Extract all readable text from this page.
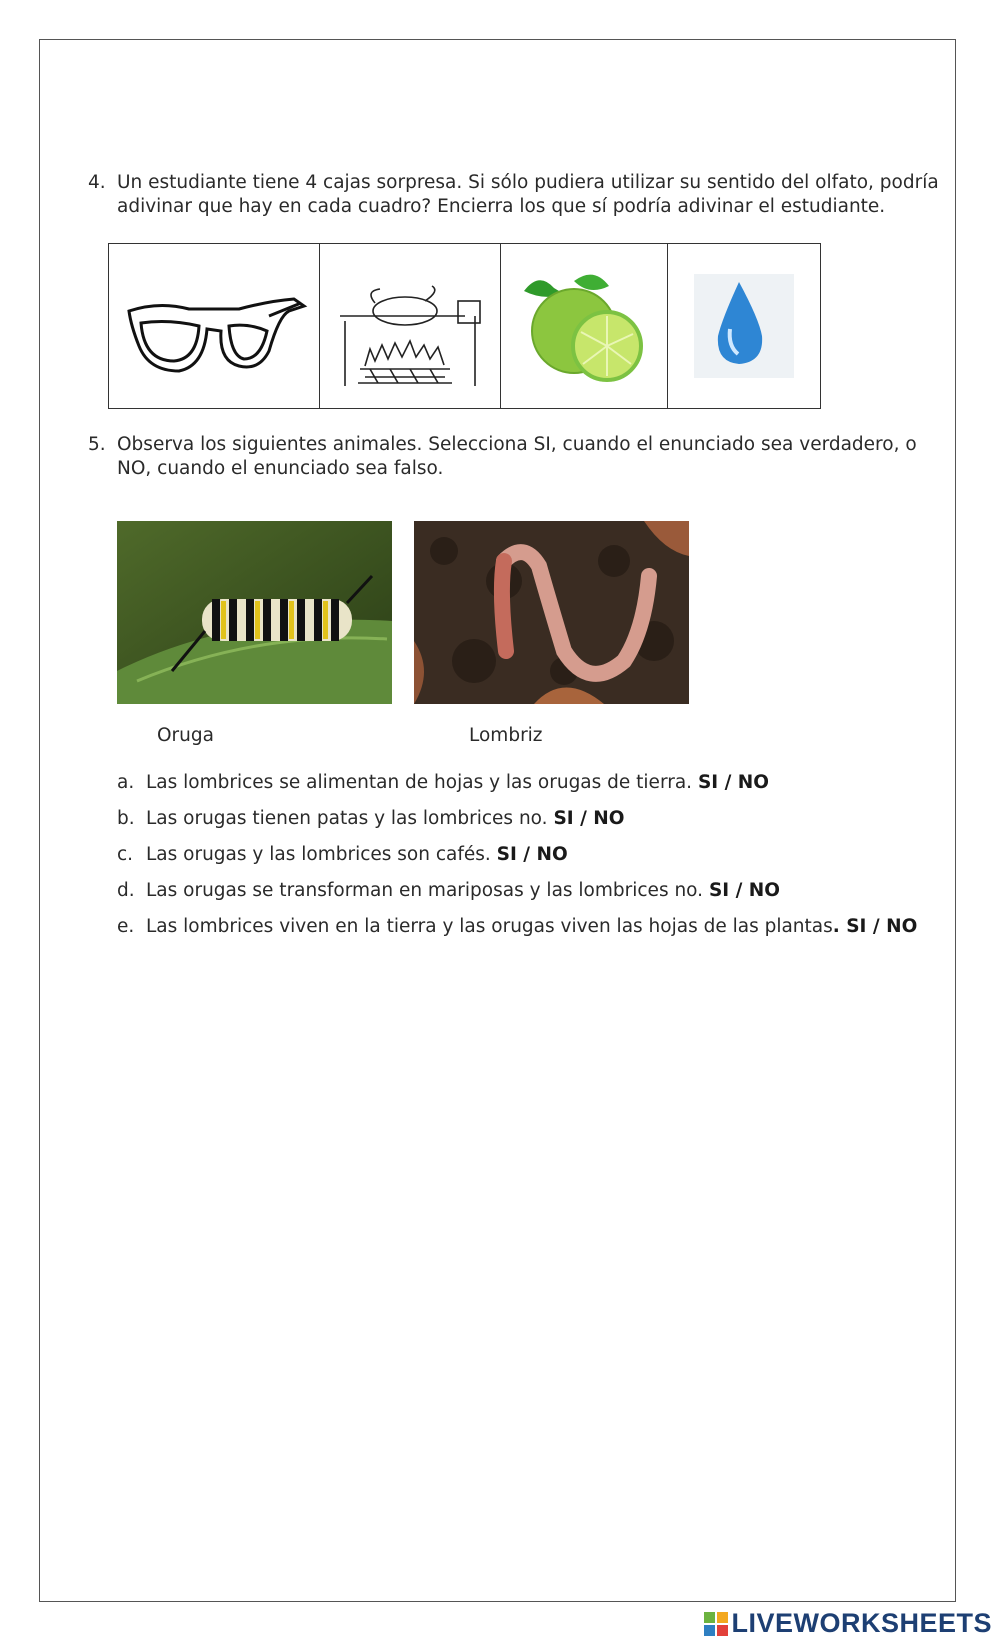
4. Un estudiante tiene 4 cajas sorpresa. Si sólo pudiera utilizar su sentido del olfato, podría adivinar que hay en cada cuadro? Encierra los que sí podría adivinar el estudiante.
5. Observa los siguientes animales. Selecciona SI, cuando el enunciado sea verdadero, o NO, cuando el enunciado sea falso.
Oruga	Lombriz
a. Las lombrices se alimentan de hojas y las orugas de tierra. SI / NO
b. Las orugas tienen patas y las lombrices no. SI / NO
c. Las orugas y las lombrices son cafés. SI / NO
d. Las orugas se transforman en mariposas y las lombrices no. SI / NO
e. Las lombrices viven en la tierra y las orugas viven las hojas de las plantas. SI / NO
LIVEWORKSHEETS
